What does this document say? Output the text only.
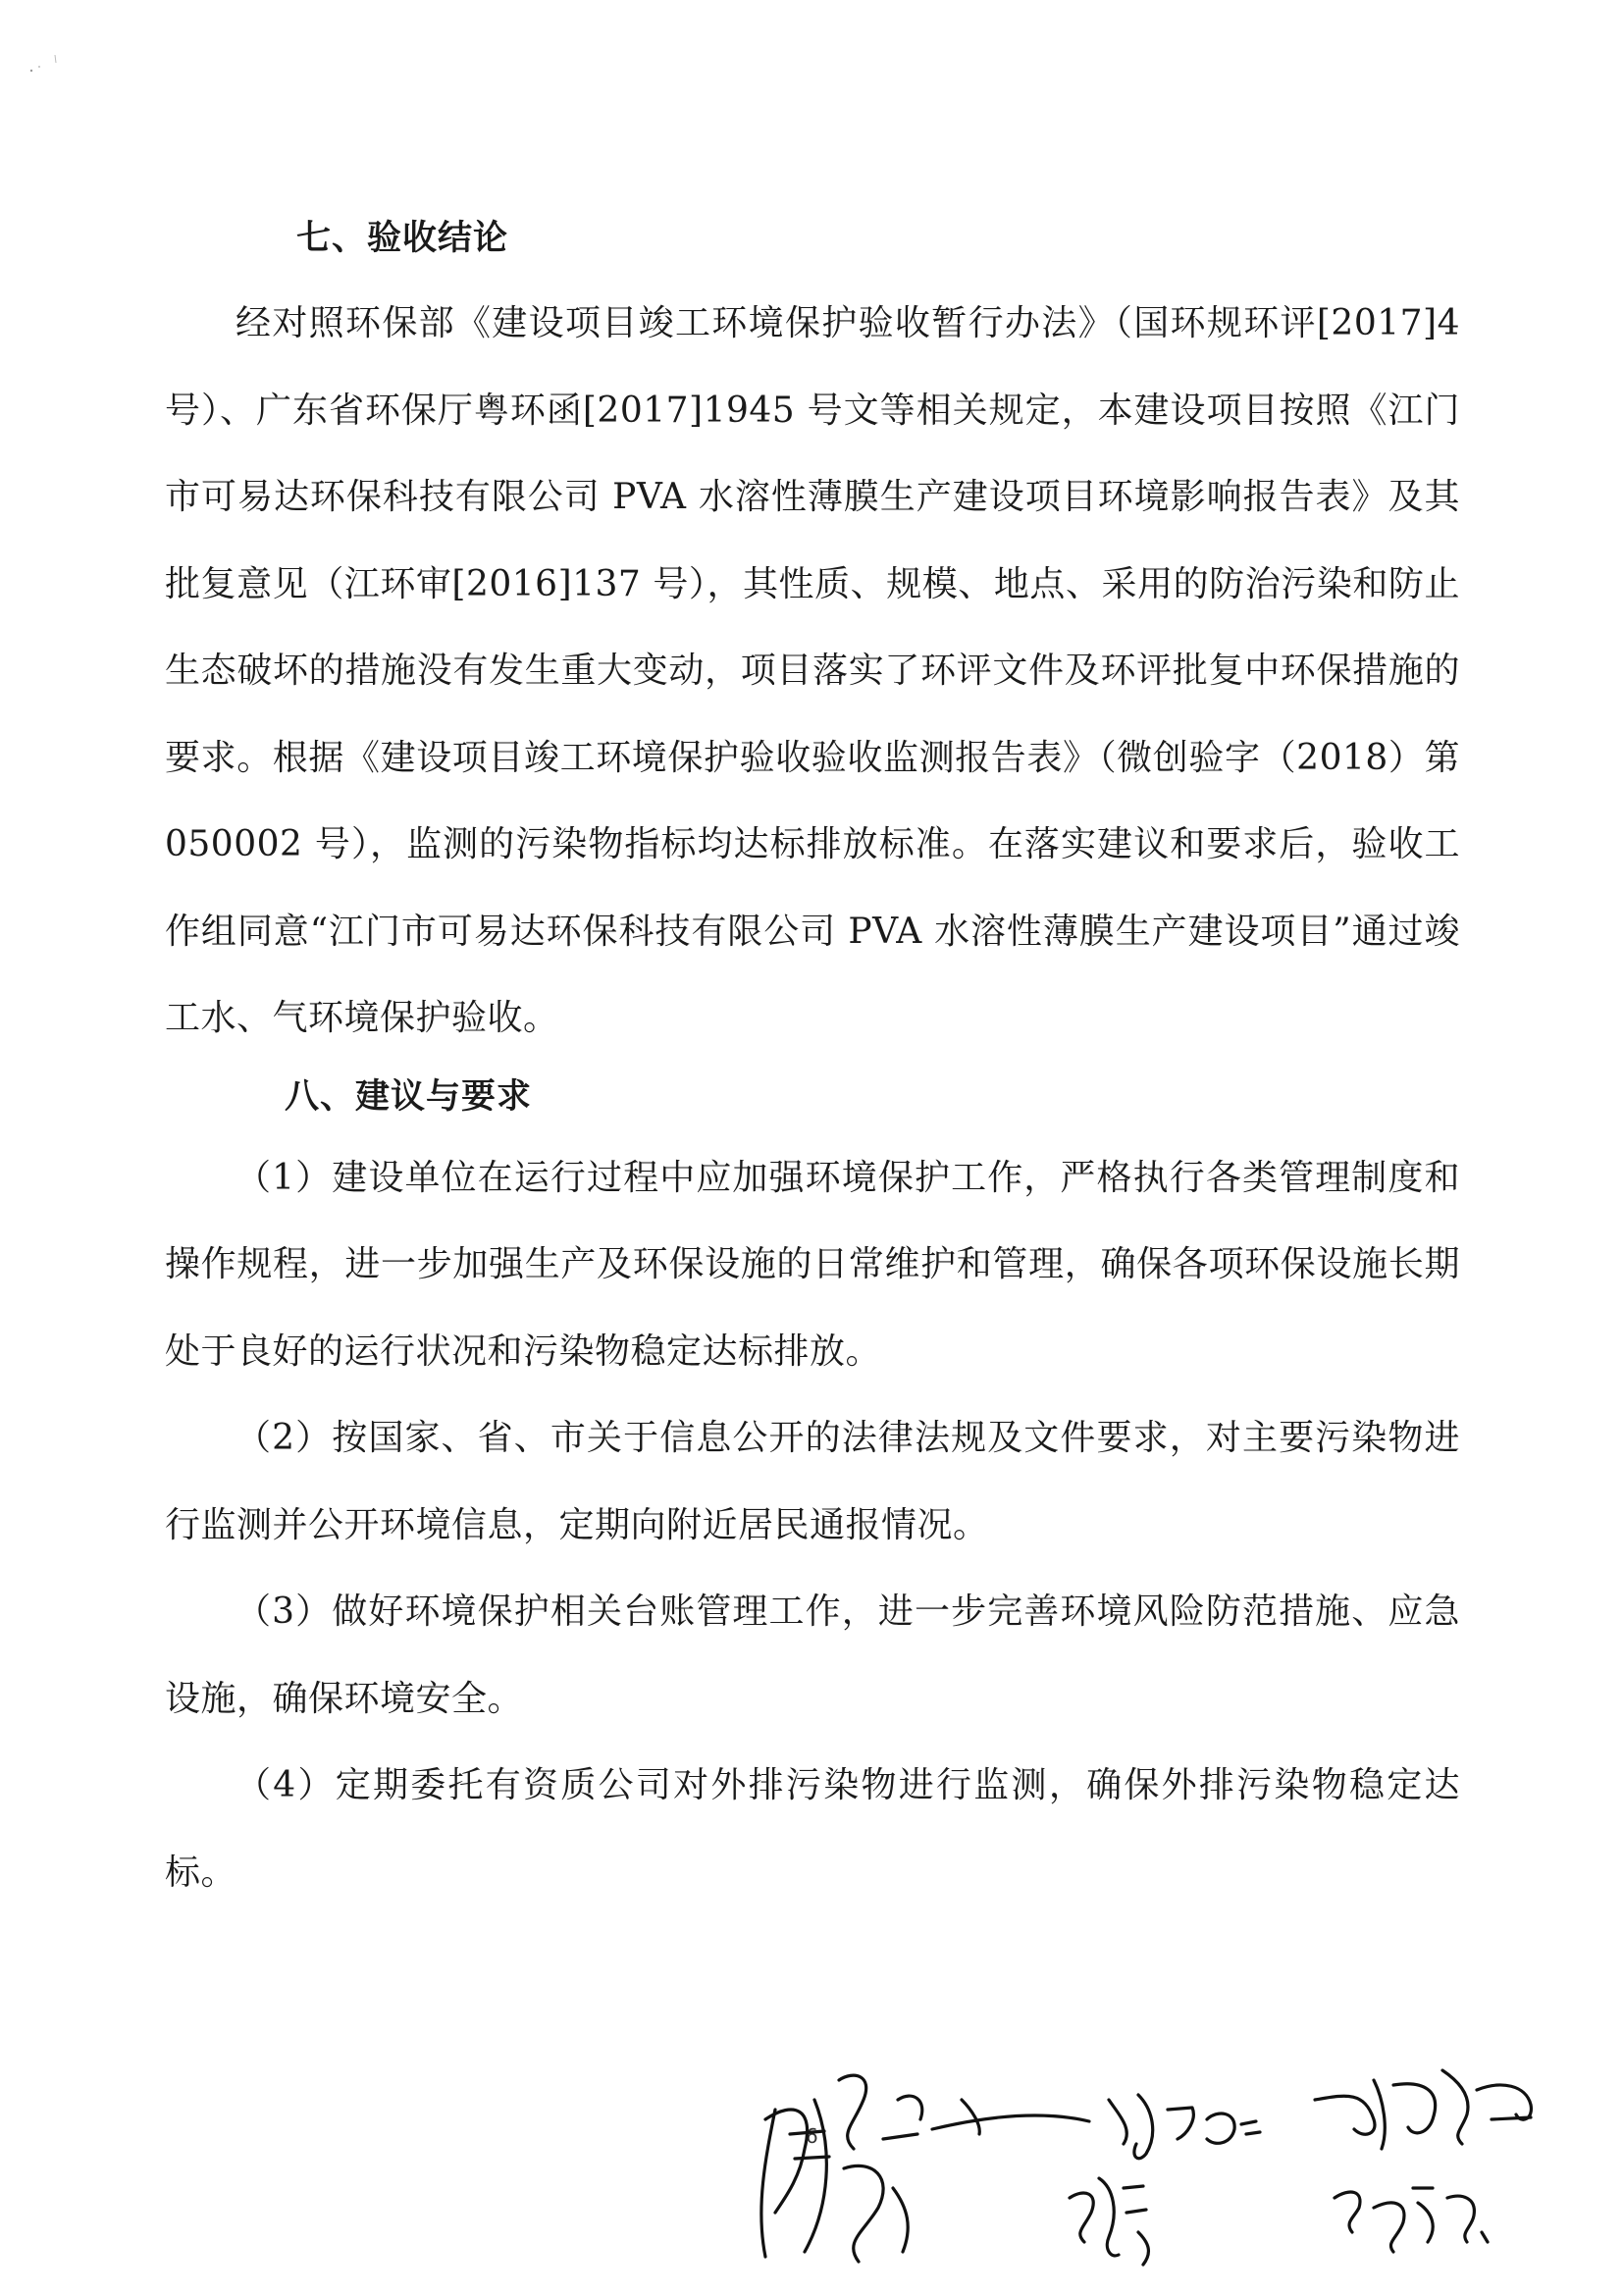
七、验收结论

经对照环保部《建设项目竣工环境保护验收暂行办法》（国环规环评[2017]4 号）、广东省环保厅粤环函[2017]1945 号文等相关规定，本建设项目按照《江门市可易达环保科技有限公司 PVA 水溶性薄膜生产建设项目环境影响报告表》及其批复意见（江环审[2016]137 号），其性质、规模、地点、采用的防治污染和防止生态破坏的措施没有发生重大变动，项目落实了环评文件及环评批复中环保措施的要求。根据《建设项目竣工环境保护验收验收监测报告表》（微创验字（2018）第 050002 号），监测的污染物指标均达标排放标准。在落实建议和要求后，验收工作组同意“江门市可易达环保科技有限公司 PVA 水溶性薄膜生产建设项目”通过竣工水、气环境保护验收。

八、建议与要求

（1）建设单位在运行过程中应加强环境保护工作，严格执行各类管理制度和操作规程，进一步加强生产及环保设施的日常维护和管理，确保各项环保设施长期处于良好的运行状况和污染物稳定达标排放。

（2）按国家、省、市关于信息公开的法律法规及文件要求，对主要污染物进行监测并公开环境信息，定期向附近居民通报情况。

（3）做好环境保护相关台账管理工作，进一步完善环境风险防范措施、应急设施，确保环境安全。

（4）定期委托有资质公司对外排污染物进行监测，确保外排污染物稳定达标。

6
